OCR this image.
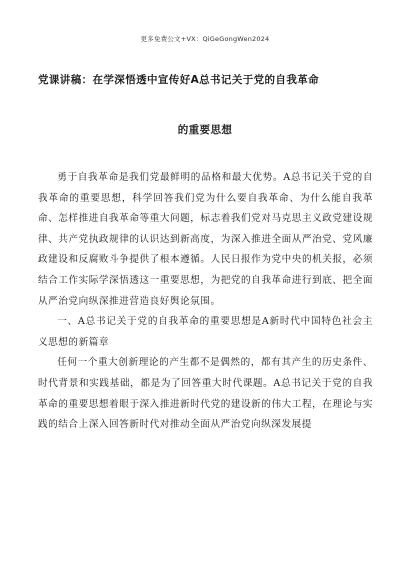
更多免费公文+VX：QiGeGongWen2024
党课讲稿：在学深悟透中宣传好A总书记关于党的自我革命
的重要思想

勇于自我革命是我们党最鲜明的品格和最大优势。A总书记关于党的自我革命的重要思想，科学回答我们党为什么要自我革命、为什么能自我革命、怎样推进自我革命等重大问题，标志着我们党对马克思主义政党建设规律、共产党执政规律的认识达到新高度，为深入推进全面从严治党、党风廉政建设和反腐败斗争提供了根本遵循。人民日报作为党中央的机关报，必须结合工作实际学深悟透这一重要思想，为把党的自我革命进行到底、把全面从严治党向纵深推进营造良好舆论氛围。

一、A总书记关于党的自我革命的重要思想是A新时代中国特色社会主义思想的新篇章

任何一个重大创新理论的产生都不是偶然的，都有其产生的历史条件、时代背景和实践基础，都是为了回答重大时代课题。A总书记关于党的自我革命的重要思想着眼于深入推进新时代党的建设新的伟大工程，在理论与实践的结合上深入回答新时代对推动全面从严治党向纵深发展提
